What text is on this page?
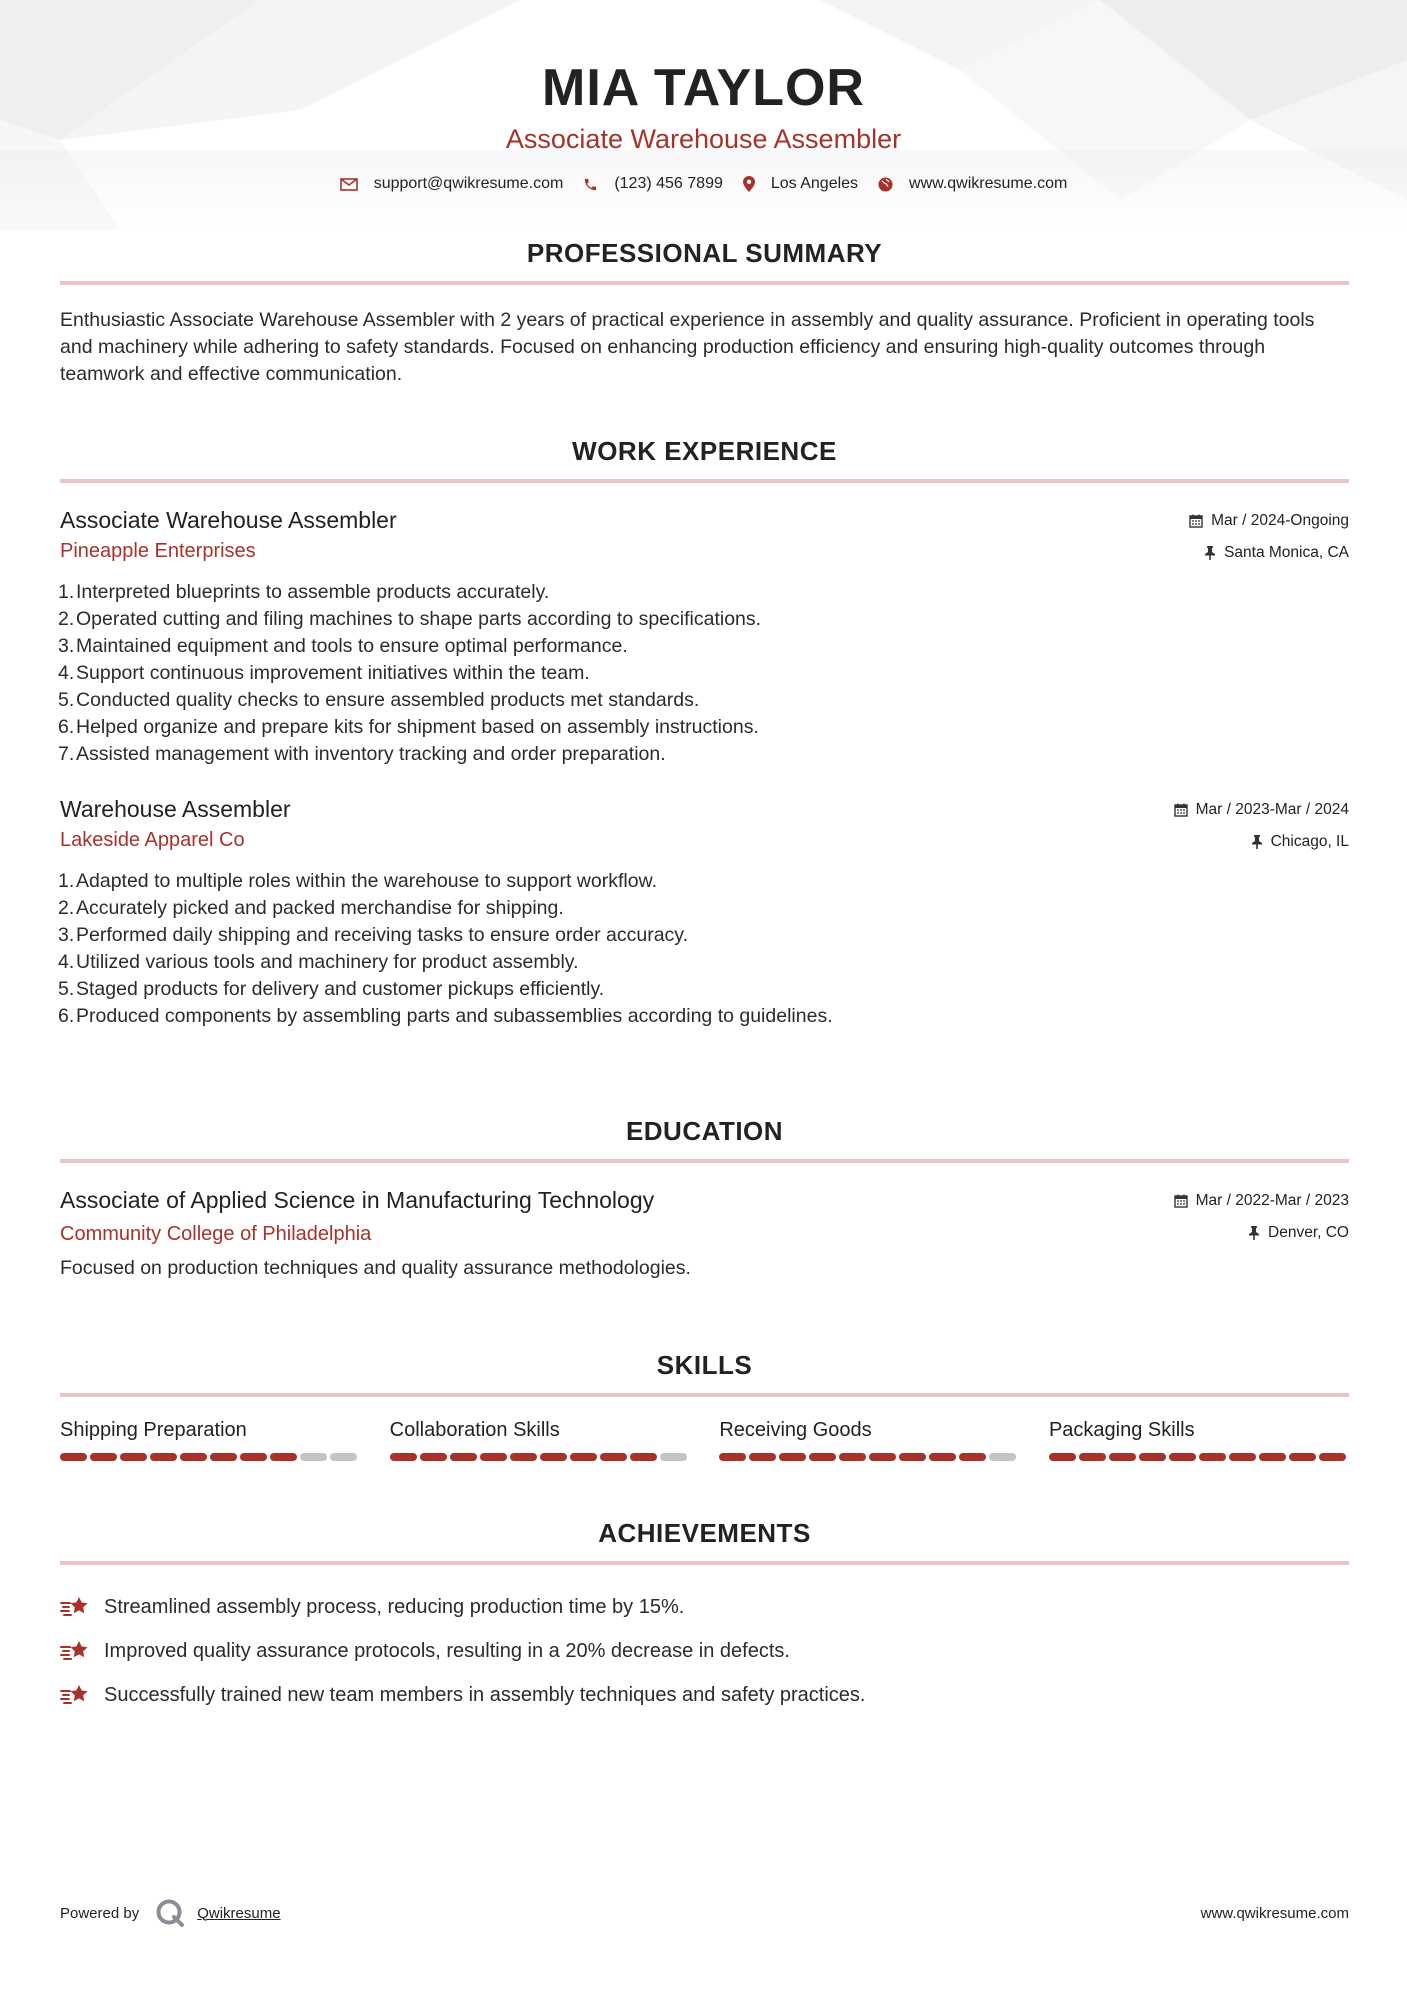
MIA TAYLOR
Associate Warehouse Assembler
support@qwikresume.com	(123) 456 7899	Los Angeles	www.qwikresume.com
PROFESSIONAL SUMMARY
Enthusiastic Associate Warehouse Assembler with 2 years of practical experience in assembly and quality assurance. Proficient in operating tools and machinery while adhering to safety standards. Focused on enhancing production efficiency and ensuring high-quality outcomes through teamwork and effective communication.
WORK EXPERIENCE
Associate Warehouse Assembler
Pineapple Enterprises
Mar / 2024-Ongoing
Santa Monica, CA
1. Interpreted blueprints to assemble products accurately.
2. Operated cutting and filing machines to shape parts according to specifications.
3. Maintained equipment and tools to ensure optimal performance.
4. Support continuous improvement initiatives within the team.
5. Conducted quality checks to ensure assembled products met standards.
6. Helped organize and prepare kits for shipment based on assembly instructions.
7. Assisted management with inventory tracking and order preparation.
Warehouse Assembler
Lakeside Apparel Co
Mar / 2023-Mar / 2024
Chicago, IL
1. Adapted to multiple roles within the warehouse to support workflow.
2. Accurately picked and packed merchandise for shipping.
3. Performed daily shipping and receiving tasks to ensure order accuracy.
4. Utilized various tools and machinery for product assembly.
5. Staged products for delivery and customer pickups efficiently.
6. Produced components by assembling parts and subassemblies according to guidelines.
EDUCATION
Associate of Applied Science in Manufacturing Technology
Community College of Philadelphia
Mar / 2022-Mar / 2023
Denver, CO
Focused on production techniques and quality assurance methodologies.
SKILLS
Shipping Preparation	Collaboration Skills	Receiving Goods	Packaging Skills
ACHIEVEMENTS
Streamlined assembly process, reducing production time by 15%.
Improved quality assurance protocols, resulting in a 20% decrease in defects.
Successfully trained new team members in assembly techniques and safety practices.
Powered by	Qwikresume	www.qwikresume.com
